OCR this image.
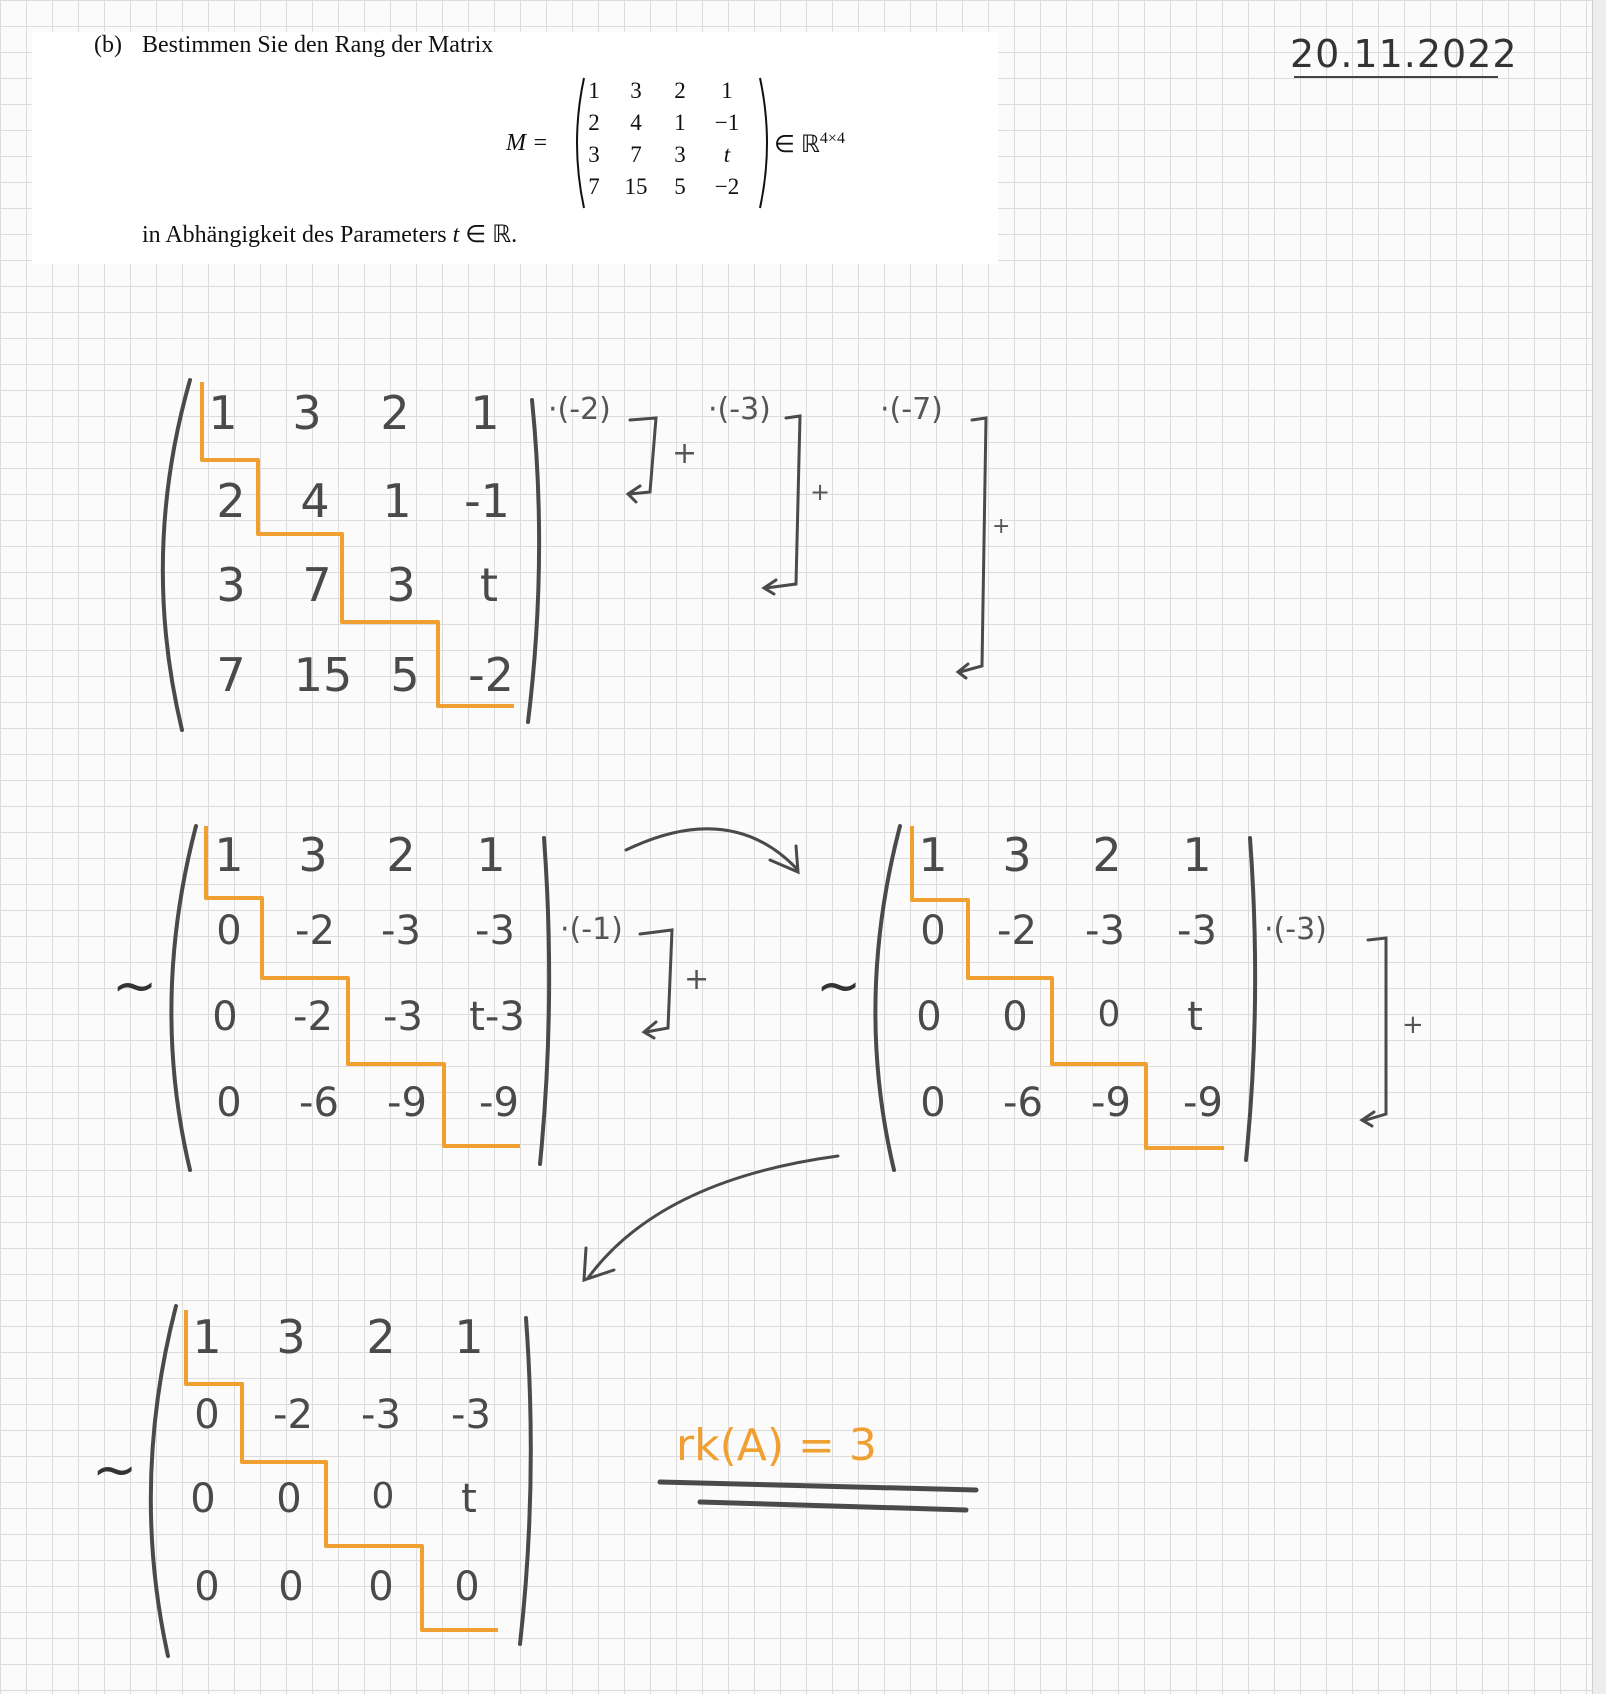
20.11.2022
(b) Bestimmen Sie den Rang der Matrix
M =
1	3	2	1
2	4	1	−1
3	7	3	t
7	15	5	−2
∈ ℝ$^{4\times 4}$
in Abhängigkeit des Parameters t ∈ ℝ.
1	3	2	1
2	4	1	-1
3	7	3	t
7	15 5	-2
·(-2)	·(-3)	·(-7)
+
+
+
~
1	3	2	1
0	-2	-3	-3
0	-2	-3	t-3
0	-6	-9	-9
·(-1)
+ ~
1	3	2	1
0	-2	-3	-3
0	0	0	t
0	-6	-9	-9
·(-3)
+
~
1	3	2	1
0	-2	-3	-3
0	0	0	t
0	0	0	0
rk(A) = 3
